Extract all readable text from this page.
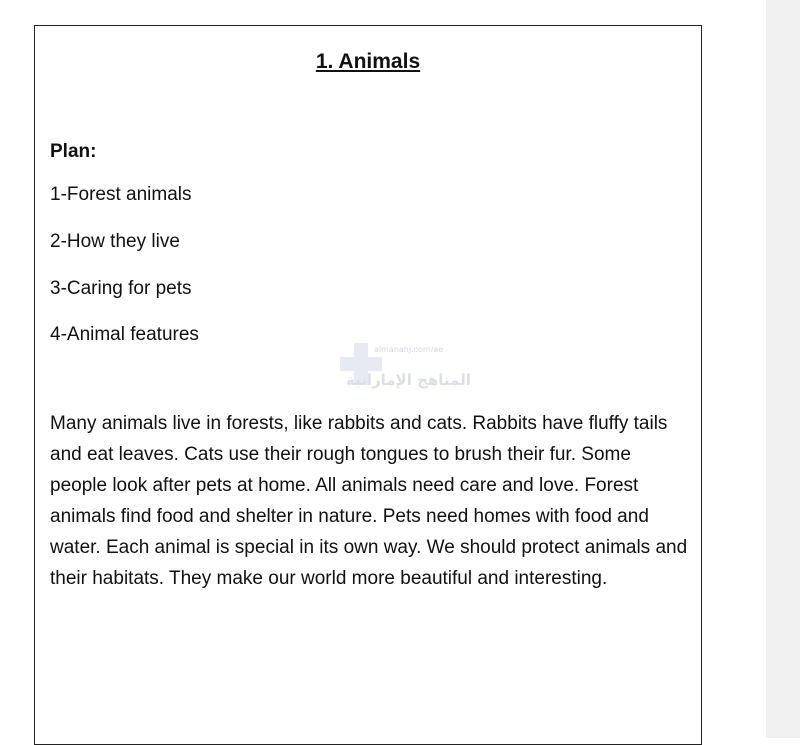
1. Animals
Plan:
1-Forest animals
2-How they live
3-Caring for pets
4-Animal features
almanahj.com/ae
المناهج الإماراتية

Many animals live in forests, like rabbits and cats. Rabbits have fluffy tails and eat leaves. Cats use their rough tongues to brush their fur. Some people look after pets at home. All animals need care and love. Forest animals find food and shelter in nature. Pets need homes with food and water. Each animal is special in its own way. We should protect animals and their habitats. They make our world more beautiful and interesting.
